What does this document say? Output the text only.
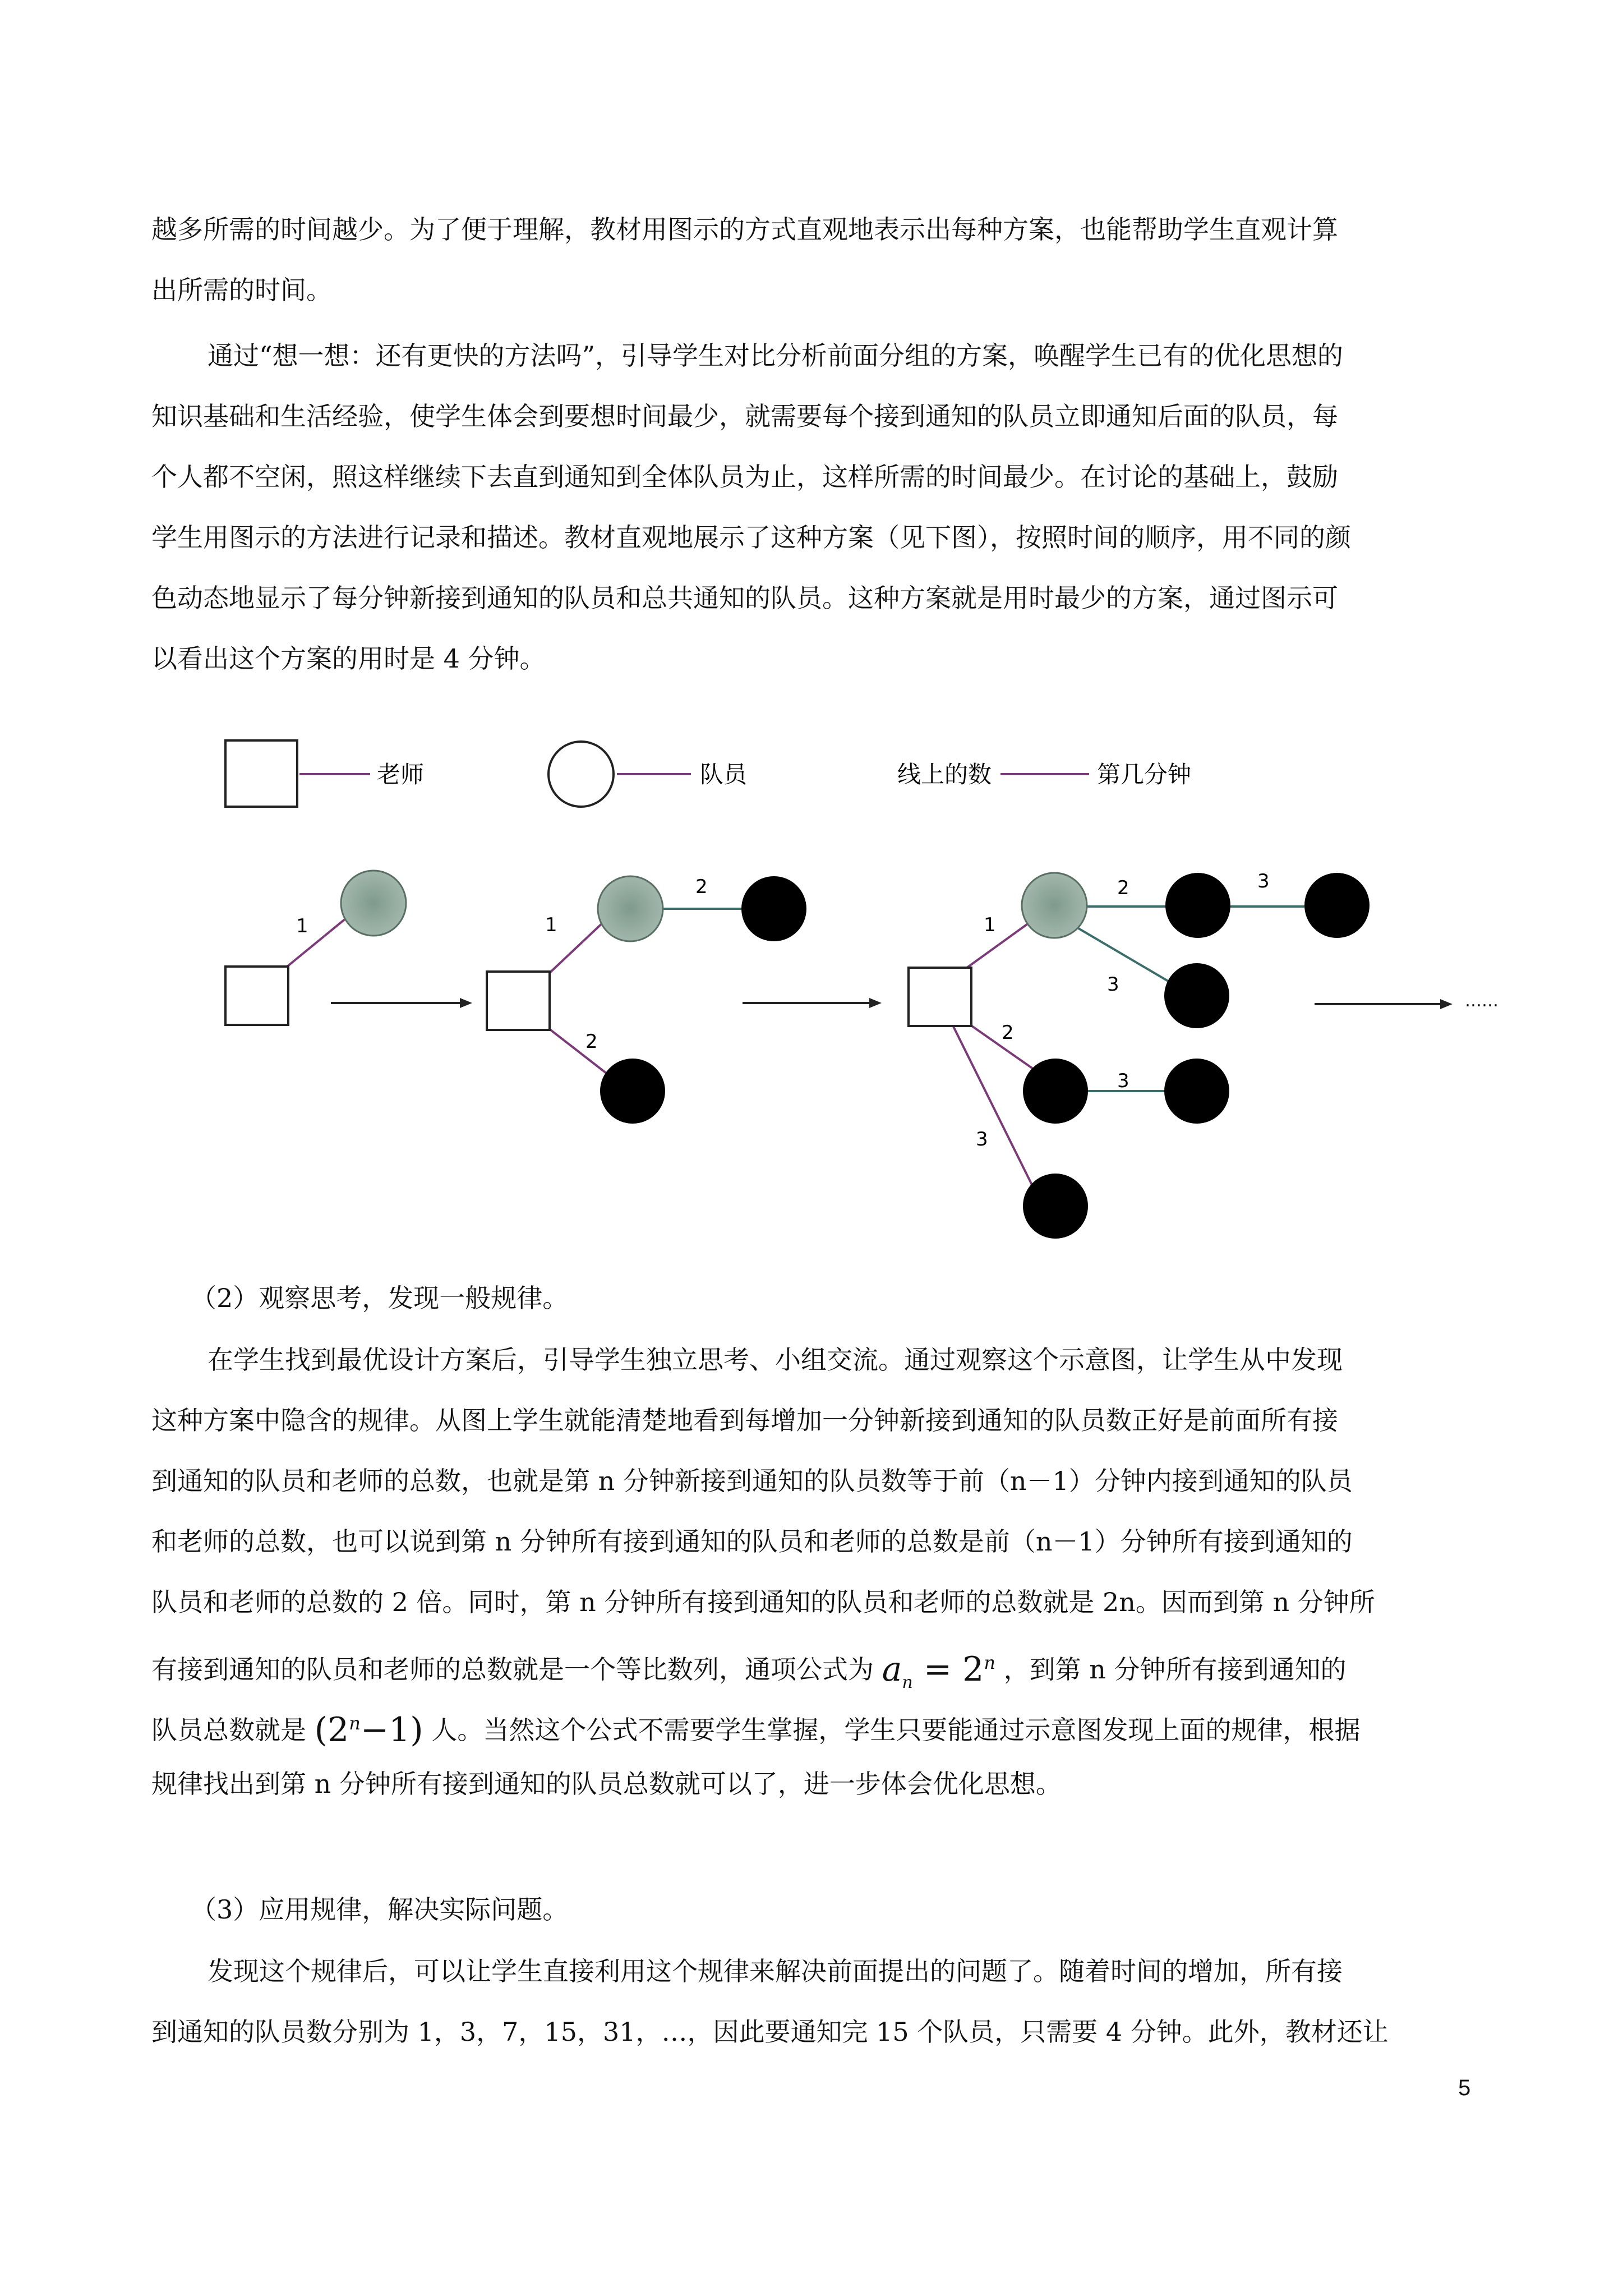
越多所需的时间越少。为了便于理解，教材用图示的方式直观地表示出每种方案，也能帮助学生直观计算
出所需的时间。
通过“想一想：还有更快的方法吗”，引导学生对比分析前面分组的方案，唤醒学生已有的优化思想的
知识基础和生活经验，使学生体会到要想时间最少，就需要每个接到通知的队员立即通知后面的队员，每
个人都不空闲，照这样继续下去直到通知到全体队员为止，这样所需的时间最少。在讨论的基础上，鼓励
学生用图示的方法进行记录和描述。教材直观地展示了这种方案（见下图），按照时间的顺序，用不同的颜
色动态地显示了每分钟新接到通知的队员和总共通知的队员。这种方案就是用时最少的方案，通过图示可
以看出这个方案的用时是 4 分钟。
老师	队员	线上的数	第几分钟
1	1
2
2
1
2	3
3
2
3
3
……
（2）观察思考，发现一般规律。
在学生找到最优设计方案后，引导学生独立思考、小组交流。通过观察这个示意图，让学生从中发现
这种方案中隐含的规律。从图上学生就能清楚地看到每增加一分钟新接到通知的队员数正好是前面所有接
到通知的队员和老师的总数，也就是第 n 分钟新接到通知的队员数等于前（n－1）分钟内接到通知的队员
和老师的总数，也可以说到第 n 分钟所有接到通知的队员和老师的总数是前（n－1）分钟所有接到通知的
队员和老师的总数的 2 倍。同时，第 n 分钟所有接到通知的队员和老师的总数就是 2n。因而到第 n 分钟所
有接到通知的队员和老师的总数就是一个等比数列，通项公式为 $a_n = 2^n$ ，到第 n 分钟所有接到通知的
队员总数就是 $(2^n-1)$ 人。当然这个公式不需要学生掌握，学生只要能通过示意图发现上面的规律，根据
规律找出到第 n 分钟所有接到通知的队员总数就可以了，进一步体会优化思想。
（3）应用规律，解决实际问题。
发现这个规律后，可以让学生直接利用这个规律来解决前面提出的问题了。随着时间的增加，所有接
到通知的队员数分别为 1，3，7，15，31，…，因此要通知完 15 个队员，只需要 4 分钟。此外，教材还让
5
